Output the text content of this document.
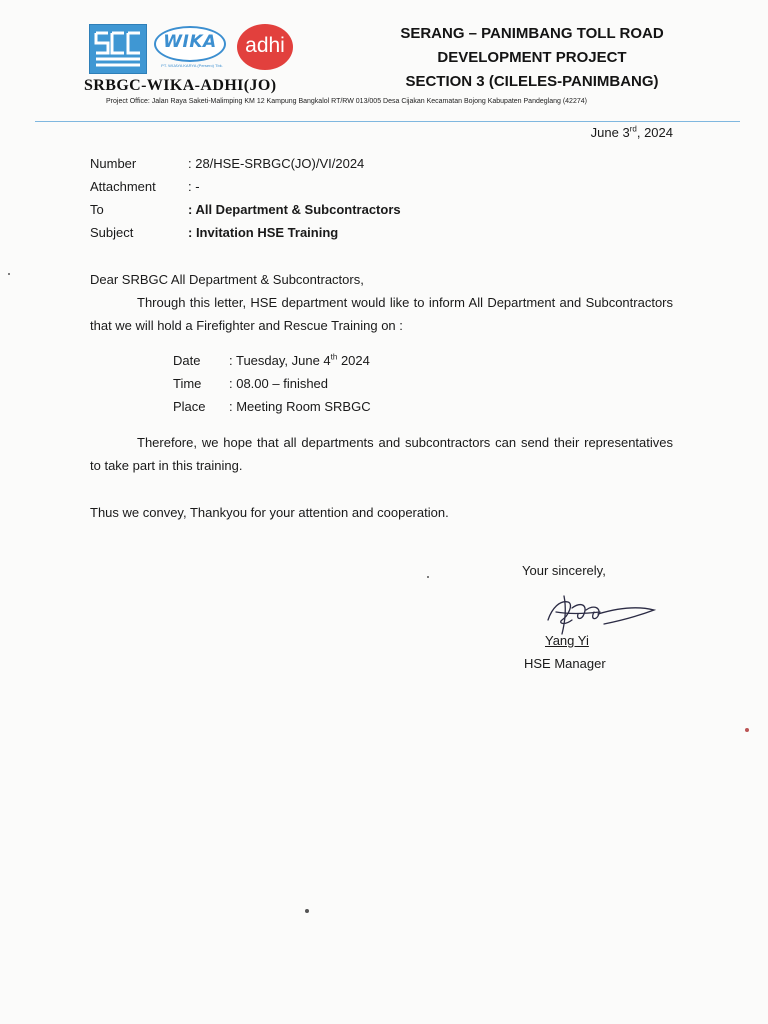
WIKA
PT. WIJAYA KARYA (Persero) Tbk.
adhi
SRBGC-WIKA-ADHI(JO)
SERANG – PANIMBANG TOLL ROAD
DEVELOPMENT PROJECT
SECTION 3 (CILELES-PANIMBANG)
Project Office: Jalan Raya Saketi-Malimping KM 12 Kampung Bangkalol RT/RW 013/005 Desa Cijakan Kecamatan Bojong Kabupaten Pandeglang (42274)
June 3rd, 2024
Number	: 28/HSE-SRBGC(JO)/VI/2024
Attachment	: -
To	: All Department & Subcontractors
Subject	: Invitation HSE Training
Dear SRBGC All Department & Subcontractors,
Through this letter, HSE department would like to inform All Department and Subcontractors that we will hold a Firefighter and Rescue Training on :
Date	: Tuesday, June 4th 2024
Time	: 08.00 – finished
Place	: Meeting Room SRBGC
Therefore, we hope that all departments and subcontractors can send their representatives to take part in this training.
Thus we convey, Thankyou for your attention and cooperation.
Your sincerely,
Yang Yi
HSE Manager
